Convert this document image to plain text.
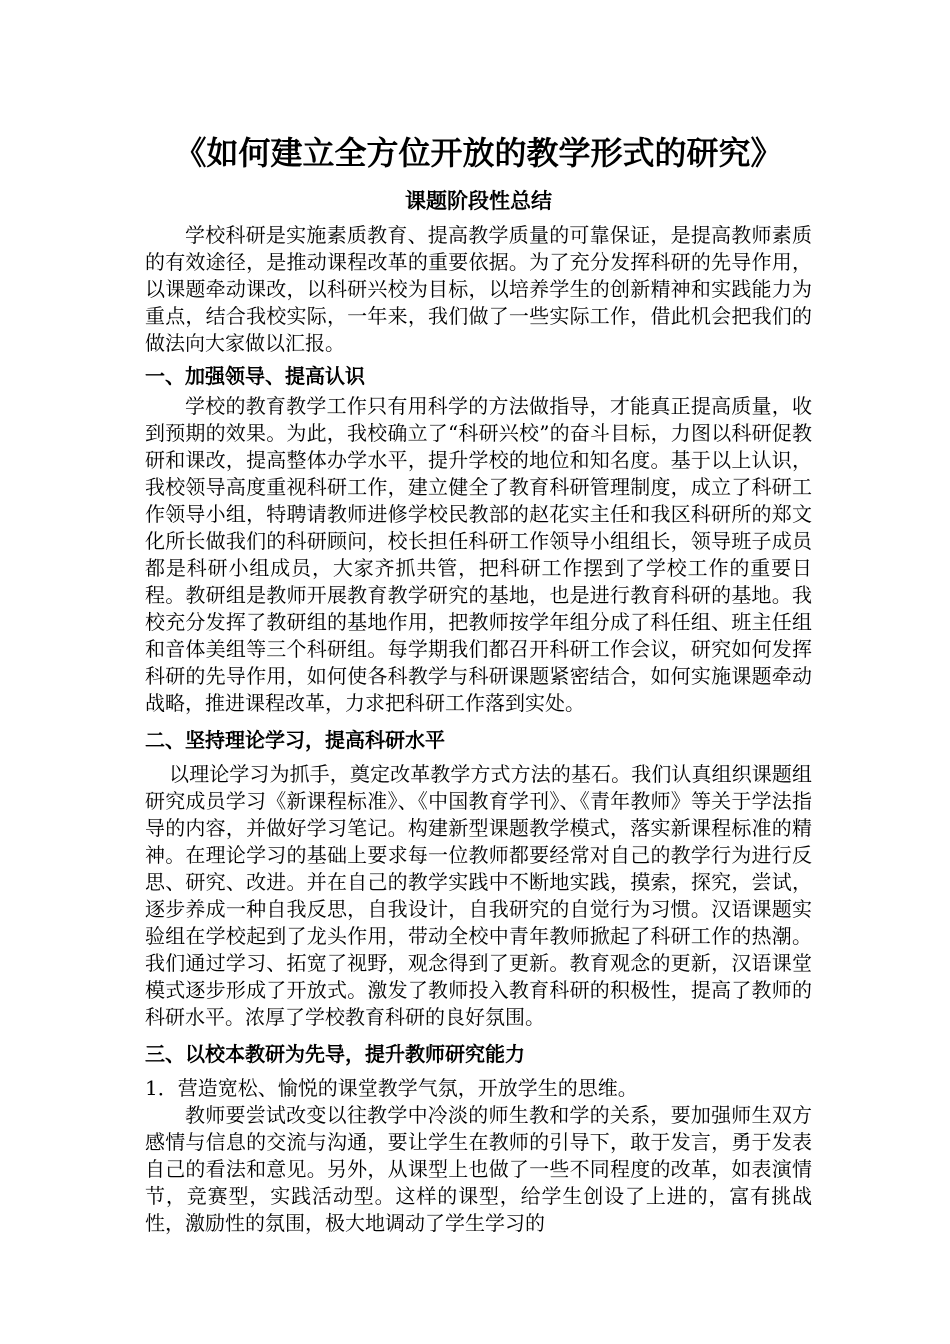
《如何建立全方位开放的教学形式的研究》
课题阶段性总结

学校科研是实施素质教育、提高教学质量的可靠保证，是提高教师素质的有效途径，是推动课程改革的重要依据。为了充分发挥科研的先导作用，以课题牵动课改，以科研兴校为目标，以培养学生的创新精神和实践能力为重点，结合我校实际，一年来，我们做了一些实际工作，借此机会把我们的做法向大家做以汇报。

一、加强领导、提高认识

学校的教育教学工作只有用科学的方法做指导，才能真正提高质量，收到预期的效果。为此，我校确立了“科研兴校”的奋斗目标，力图以科研促教研和课改，提高整体办学水平，提升学校的地位和知名度。基于以上认识，我校领导高度重视科研工作，建立健全了教育科研管理制度，成立了科研工作领导小组，特聘请教师进修学校民教部的赵花实主任和我区科研所的郑文化所长做我们的科研顾问，校长担任科研工作领导小组组长，领导班子成员都是科研小组成员，大家齐抓共管，把科研工作摆到了学校工作的重要日程。教研组是教师开展教育教学研究的基地，也是进行教育科研的基地。我校充分发挥了教研组的基地作用，把教师按学年组分成了科任组、班主任组和音体美组等三个科研组。每学期我们都召开科研工作会议，研究如何发挥科研的先导作用，如何使各科教学与科研课题紧密结合，如何实施课题牵动战略，推进课程改革，力求把科研工作落到实处。

二、坚持理论学习，提高科研水平

以理论学习为抓手，奠定改革教学方式方法的基石。我们认真组织课题组研究成员学习《新课程标准》、《中国教育学刊》、《青年教师》等关于学法指导的内容，并做好学习笔记。构建新型课题教学模式，落实新课程标准的精神。在理论学习的基础上要求每一位教师都要经常对自己的教学行为进行反思、研究、改进。并在自己的教学实践中不断地实践，摸索，探究，尝试，逐步养成一种自我反思，自我设计，自我研究的自觉行为习惯。汉语课题实验组在学校起到了龙头作用，带动全校中青年教师掀起了科研工作的热潮。我们通过学习、拓宽了视野，观念得到了更新。教育观念的更新，汉语课堂模式逐步形成了开放式。激发了教师投入教育科研的积极性，提高了教师的科研水平。浓厚了学校教育科研的良好氛围。

三、以校本教研为先导，提升教师研究能力

1．营造宽松、愉悦的课堂教学气氛，开放学生的思维。

教师要尝试改变以往教学中冷淡的师生教和学的关系，要加强师生双方感情与信息的交流与沟通，要让学生在教师的引导下，敢于发言，勇于发表自己的看法和意见。另外，从课型上也做了一些不同程度的改革，如表演情节，竞赛型，实践活动型。这样的课型，给学生创设了上进的，富有挑战性，激励性的氛围，极大地调动了学生学习的
